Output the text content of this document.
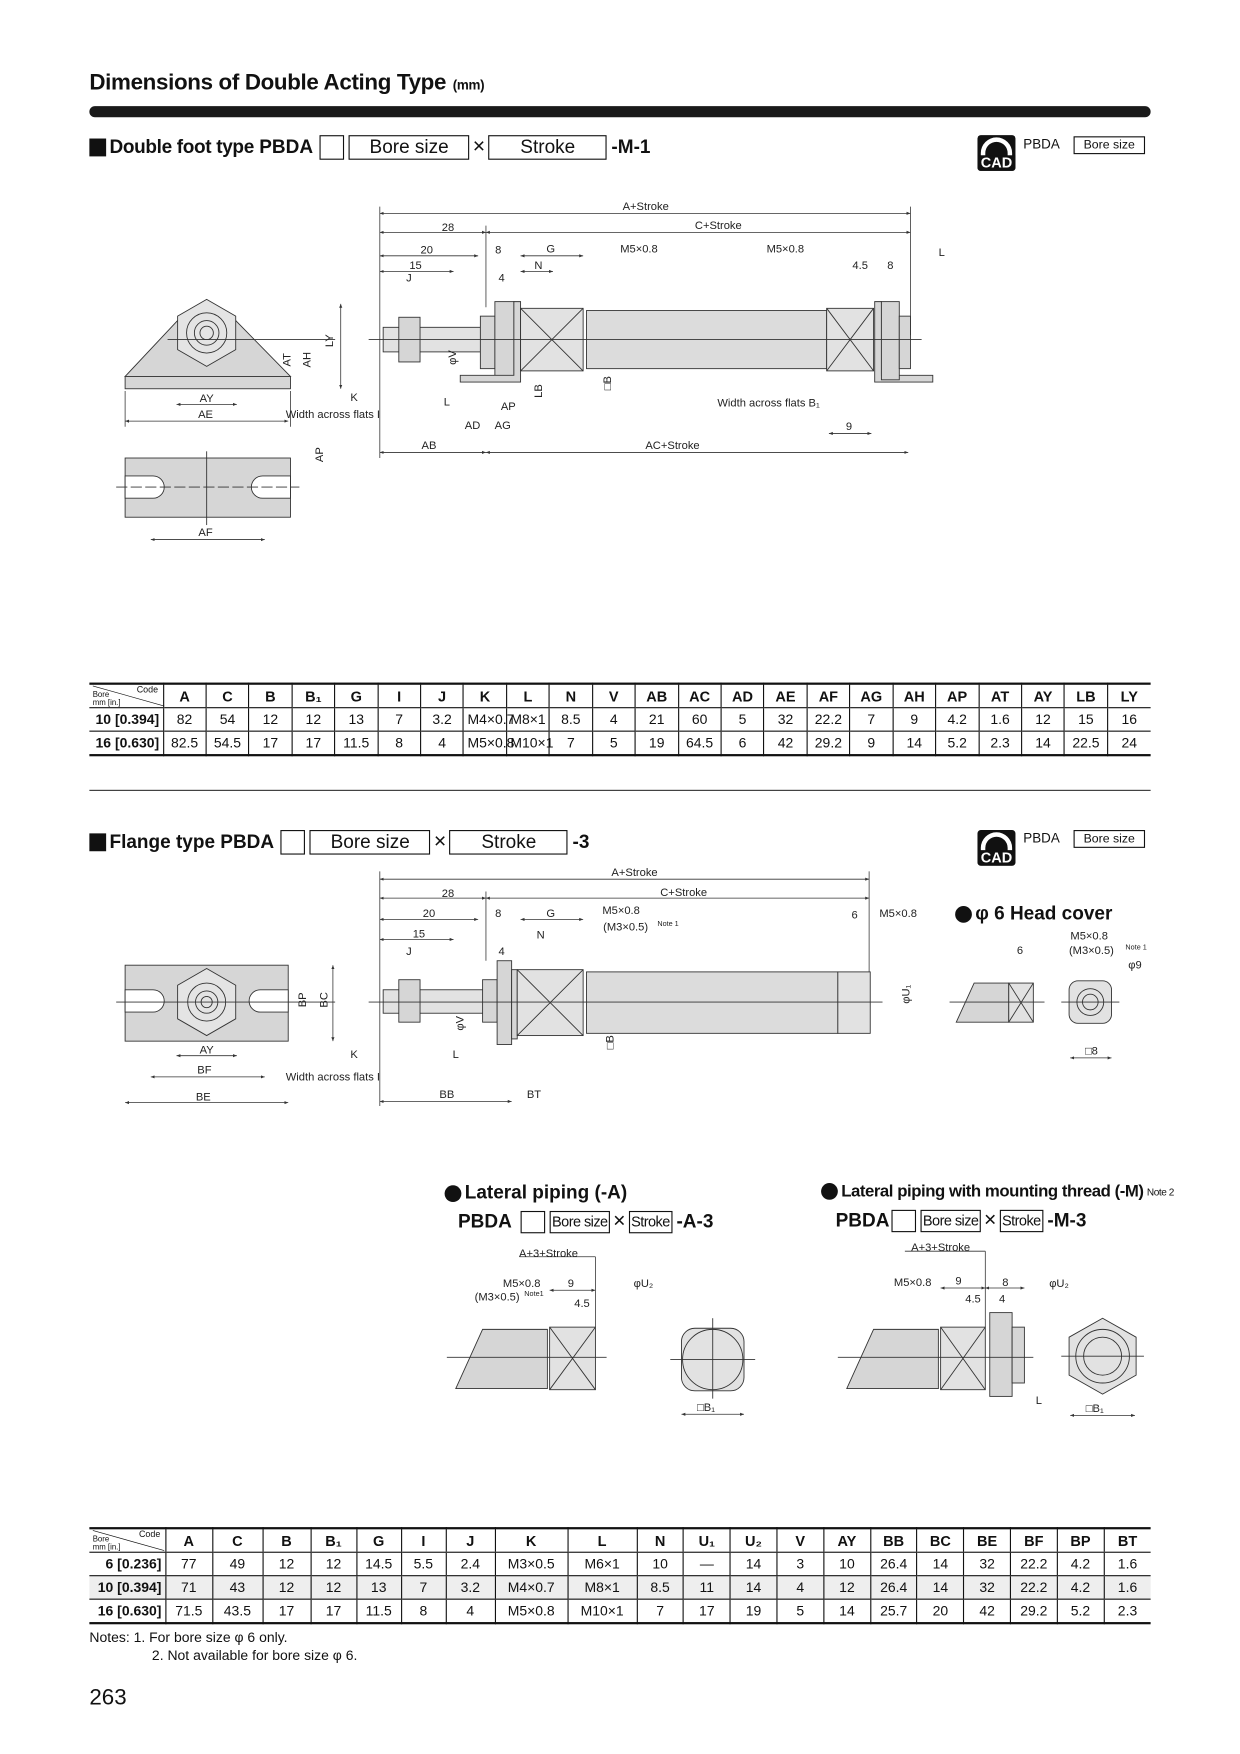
Dimensions of Double Acting Type (mm)
Double foot type
PBDA	Bore size	×	Stroke	-M-1
CAD
PBDA	Bore size
Flange type
PBDA	Bore size	×	Stroke	-3
CAD
PBDA	Bore size
φ 6 Head cover
Lateral piping (-A)
PBDA	Bore size × Stroke -A-3
Lateral piping with mounting thread (-M) Note 2
PBDA	Bore size × Stroke -M-3
A+Stroke
C+Stroke
28
20	8	G	M5×0.8	M5×0.8	L
15	N	4.5 8
J	4
LY
AT AH	φV
LB
□B
K	L	AP	Width across flats B₁
AY
AE	Width across flats I
AD AG	9
AB	AC+Stroke
AP
AF
A+Stroke
28	C+Stroke
20	8	G	M5×0.8
(M3×0.5) Note 1
6 M5×0.8
15	N
J	4
BP BC
φV
φU₁
□B
AY	K	L
BF
Width across flats I
BE	BB	BT
6
M5×0.8
(M3×0.5) Note 1
φ9
□8
A+3+Stroke
M5×0.8	9
(M3×0.5) Note1
4.5
φU₂
□B₁
A+3+Stroke
M5×0.8 9	8
4.5 4
φU₂
L
□B₁
Code
Bore
mm [in.]	A	C	B	B₁	G	I	J	K	L	N	V	AB	AC	AD	AE	AF	AG	AH	AP	AT	AY	LB	LY
10 [0.394]	82	54	12	12	13	7	3.2	M4×0.7	M8×1	8.5	4	21	60	5	32	22.2	7	9	4.2	1.6	12	15	16
16 [0.630]	82.5	54.5	17	17	11.5	8	4	M5×0.8	M10×1	7	5	19	64.5	6	42	29.2	9	14	5.2	2.3	14	22.5	24
Code
Bore
mm [in.]	A	C	B	B₁	G	I	J	K	L	N	U₁	U₂	V	AY	BB	BC	BE	BF	BP	BT
6 [0.236]	77	49	12	12	14.5	5.5	2.4	M3×0.5	M6×1	10	—	14	3	10	26.4	14	32	22.2	4.2	1.6
10 [0.394]	71	43	12	12	13	7	3.2	M4×0.7	M8×1	8.5	11	14	4	12	26.4	14	32	22.2	4.2	1.6
16 [0.630]	71.5	43.5	17	17	11.5	8	4	M5×0.8	M10×1	7	17	19	5	14	25.7	20	42	29.2	5.2	2.3
Notes: 1. For bore size φ 6 only.
2. Not available for bore size φ 6.
263
